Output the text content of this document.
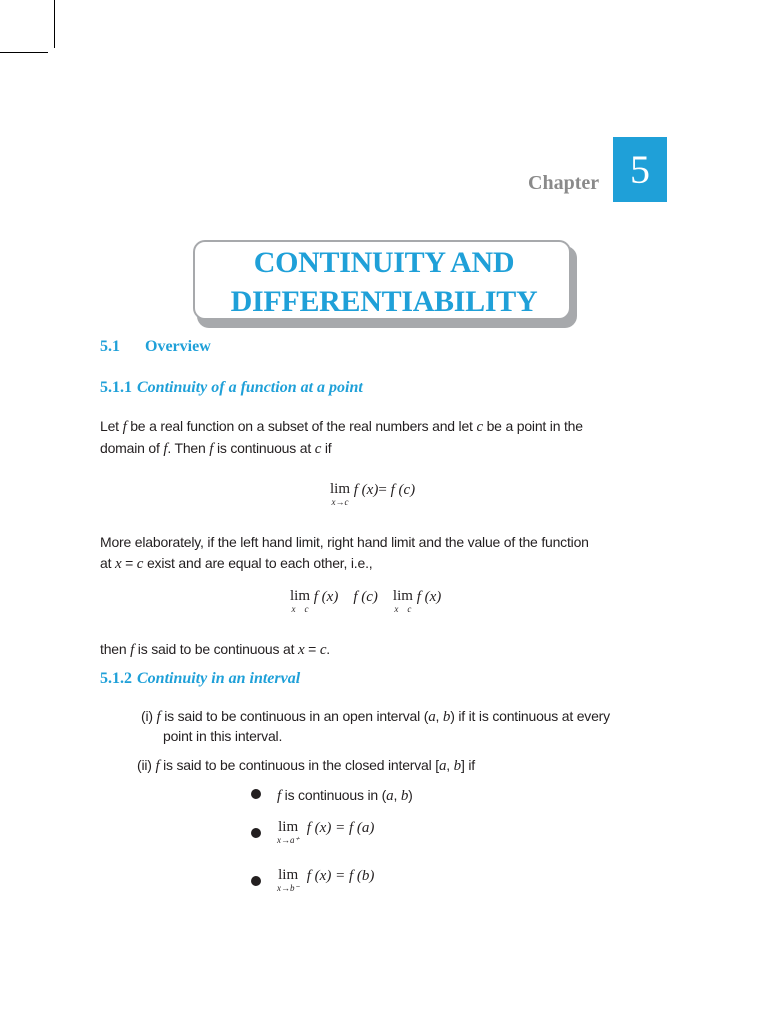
Chapter 5
CONTINUITY AND
DIFFERENTIABILITY
5.1 Overview
5.1.1 Continuity of a function at a point
Let f be a real function on a subset of the real numbers and let c be a point in the
domain of f. Then f is continuous at c if
lim
x→c
f (x)= f (c)
More elaborately, if the left hand limit, right hand limit and the value of the function
at x = c exist and are equal to each other, i.e.,
lim
x c
f (x) f (c) lim
x c
f (x)
then f is said to be continuous at x = c.
5.1.2 Continuity in an interval
(i) f is said to be continuous in an open interval (a, b) if it is continuous at every
point in this interval.
(ii) f is said to be continuous in the closed interval [a, b] if
f is continuous in (a, b)
lim
x→a⁺
f (x) = f (a)
lim
x→b⁻
f (x) = f (b)
